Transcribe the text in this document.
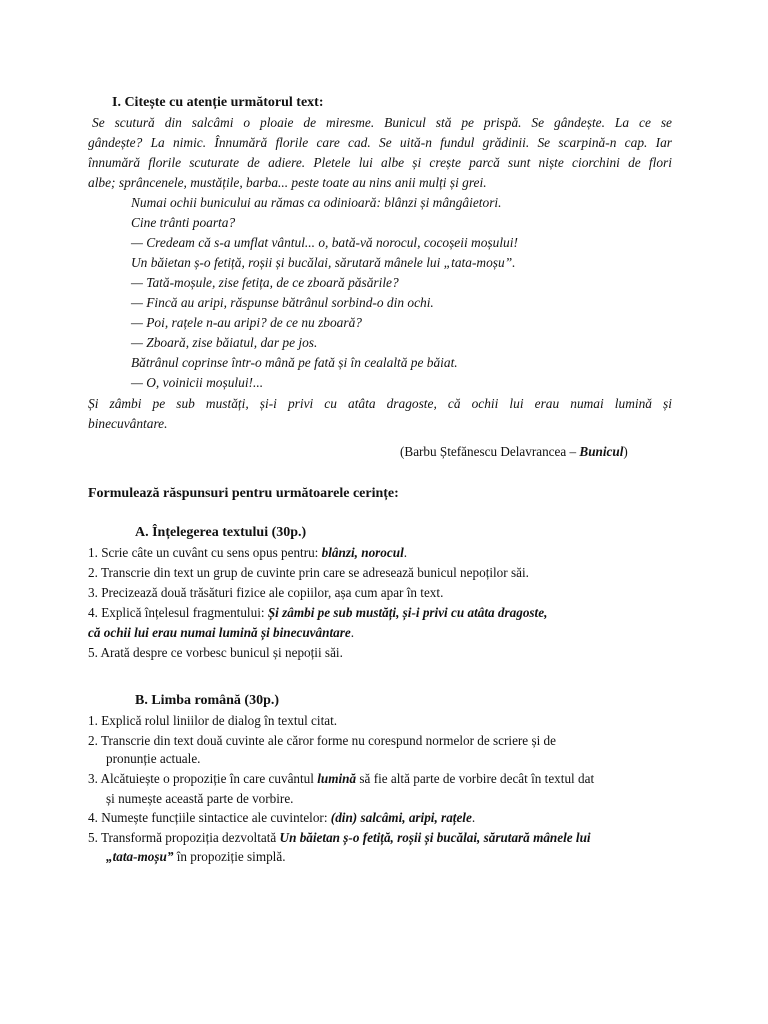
I. Citește cu atenție următorul text:
Se scutură din salcâmi o ploaie de miresme. Bunicul stă pe prispă. Se gândește. La ce se
gândește? La nimic. Înnumără florile care cad. Se uită-n fundul grădinii. Se scarpină-n cap. Iar
înnumără florile scuturate de adiere. Pletele lui albe și crește parcă sunt niște ciorchini de flori
albe; sprâncenele, mustățile, barba... peste toate au nins anii mulți și grei.
Numai ochii bunicului au rămas ca odinioară: blânzi și mângâietori.
Cine trânti poarta?
— Credeam că s-a umflat vântul... o, bată-vă norocul, cocoșeii moșului!
Un băietan ș-o fetiță, roșii și bucălai, sărutară mânele lui „tata-moșu”.
— Tată-moșule, zise fetița, de ce zboară păsările?
— Fincă au aripi, răspunse bătrânul sorbind-o din ochi.
— Poi, rațele n-au aripi? de ce nu zboară?
— Zboară, zise băiatul, dar pe jos.
Bătrânul coprinse într-o mână pe fată și în cealaltă pe băiat.
— O, voinicii moșului!...
Și zâmbi pe sub mustăți, și-i privi cu atâta dragoste, că ochii lui erau numai lumină și
binecuvântare.
(Barbu Ștefănescu Delavrancea – Bunicul)
Formulează răspunsuri pentru următoarele cerințe:
A. Înțelegerea textului (30p.)
1. Scrie câte un cuvânt cu sens opus pentru: blânzi, norocul.
2. Transcrie din text un grup de cuvinte prin care se adresează bunicul nepoților săi.
3. Precizează două trăsături fizice ale copiilor, așa cum apar în text.
4. Explică înțelesul fragmentului: Și zâmbi pe sub mustăți, și-i privi cu atâta dragoste,
că ochii lui erau numai lumină și binecuvântare.
5. Arată despre ce vorbesc bunicul și nepoții săi.
B. Limba română (30p.)
1. Explică rolul liniilor de dialog în textul citat.
2. Transcrie din text două cuvinte ale căror forme nu corespund normelor de scriere și de
pronunție actuale.
3. Alcătuiește o propoziție în care cuvântul lumină să fie altă parte de vorbire decât în textul dat
și numește această parte de vorbire.
4. Numește funcțiile sintactice ale cuvintelor: (din) salcâmi, aripi, rațele.
5. Transformă propoziția dezvoltată Un băietan ș-o fetiță, roșii și bucălai, sărutară mânele lui
„tata-moșu” în propoziție simplă.
